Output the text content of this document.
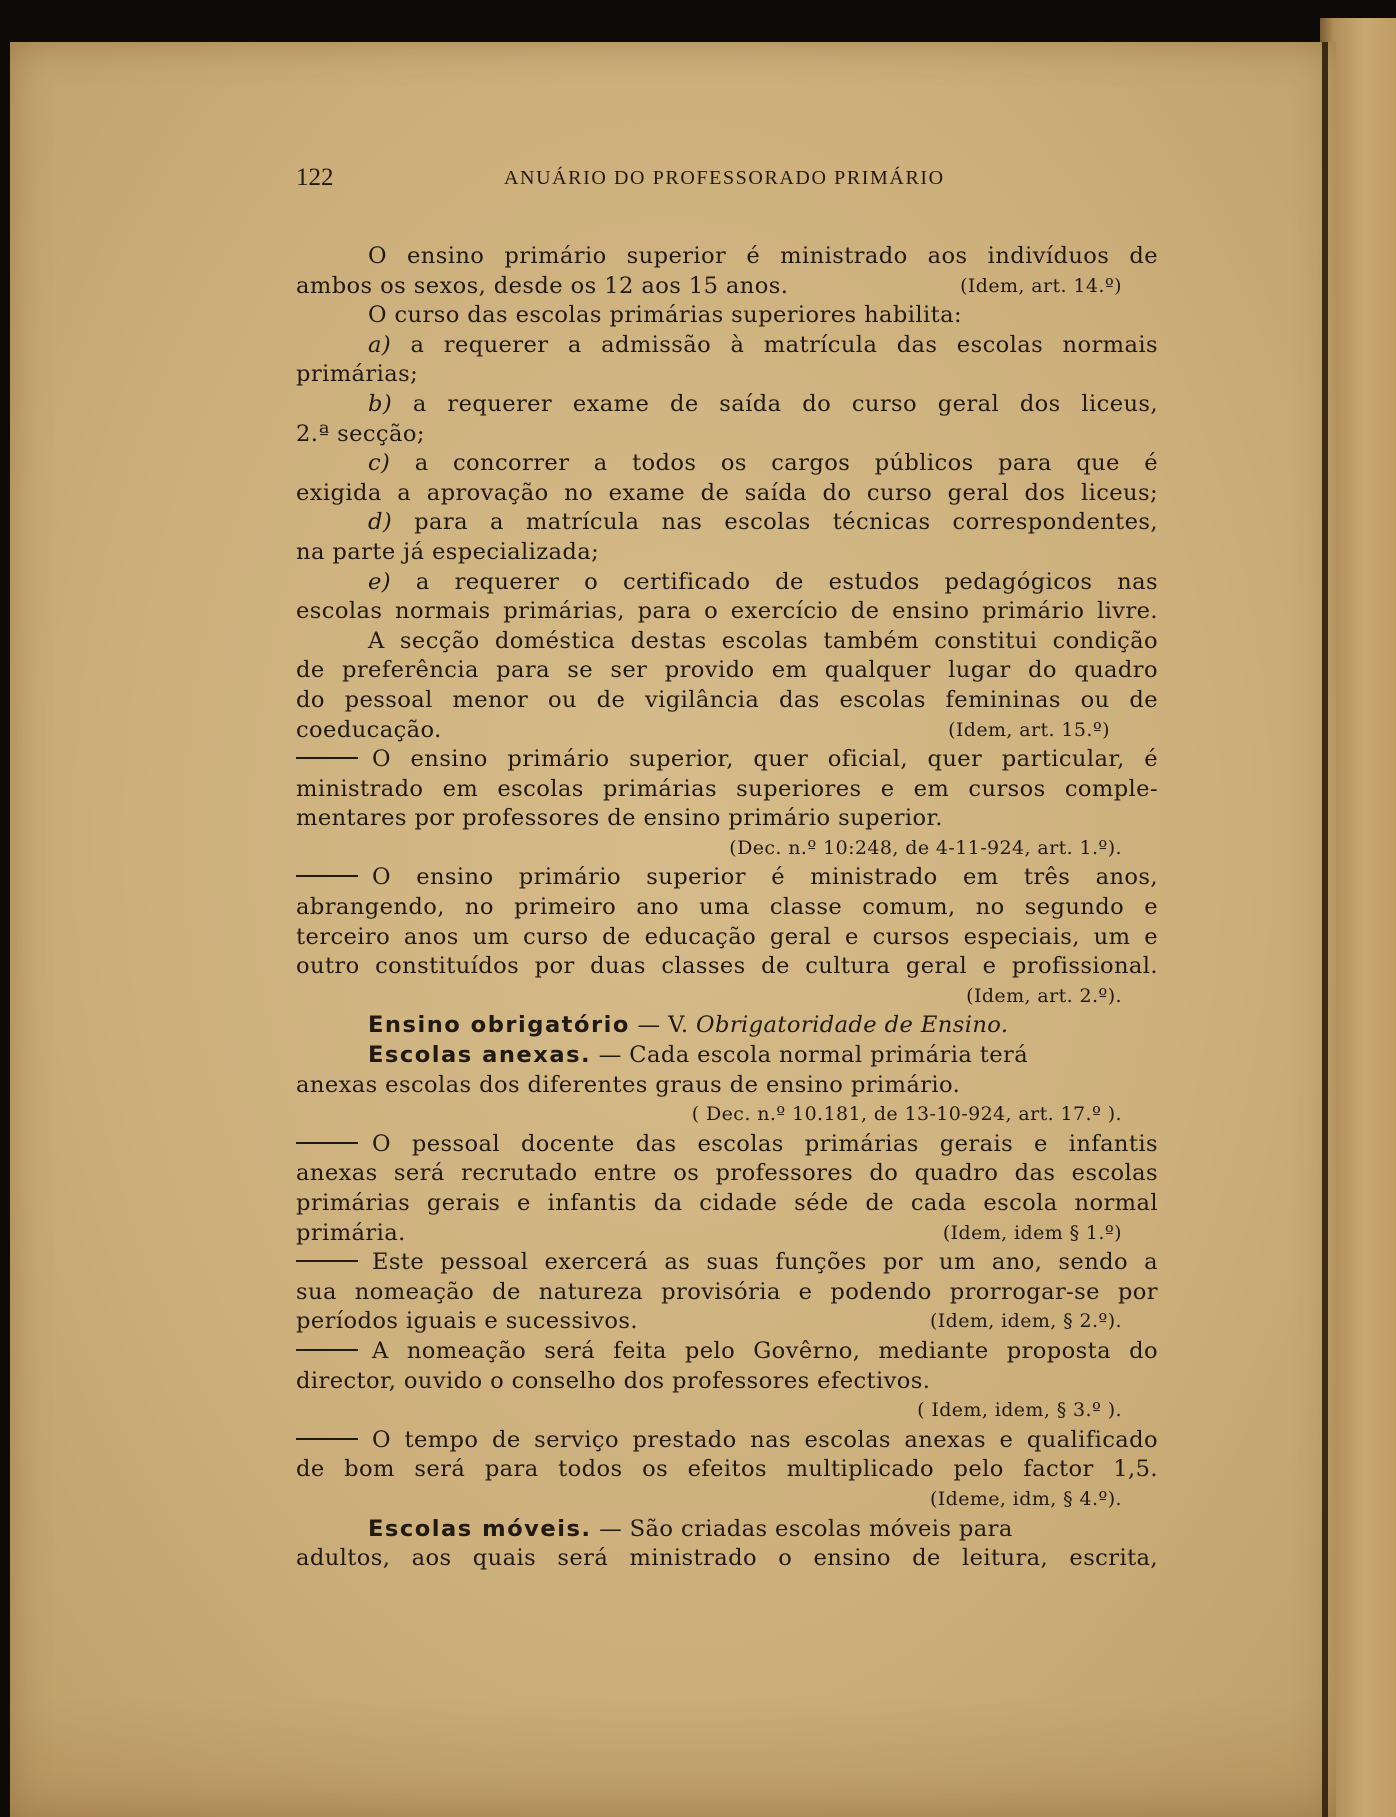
122	ANUÁRIO DO PROFESSORADO PRIMÁRIO
O ensino primário superior é ministrado aos indivíduos de
ambos os sexos, desde os 12 aos 15 anos.	(Idem, art. 14.º)
O curso das escolas primárias superiores habilita:
a) a requerer a admissão à matrícula das escolas normais
primárias;
b) a requerer exame de saída do curso geral dos liceus,
2.ª secção;
c) a concorrer a todos os cargos públicos para que é
exigida a aprovação no exame de saída do curso geral dos liceus;
d) para a matrícula nas escolas técnicas correspondentes,
na parte já especializada;
e) a requerer o certificado de estudos pedagógicos nas
escolas normais primárias, para o exercício de ensino primário livre.
A secção doméstica destas escolas também constitui condição
de preferência para se ser provido em qualquer lugar do quadro
do pessoal menor ou de vigilância das escolas femininas ou de
coeducação.	(Idem, art. 15.º)
O ensino primário superior, quer oficial, quer particular, é
ministrado em escolas primárias superiores e em cursos comple-
mentares por professores de ensino primário superior.
(Dec. n.º 10:248, de 4-11-924, art. 1.º).
O ensino primário superior é ministrado em três anos,
abrangendo, no primeiro ano uma classe comum, no segundo e
terceiro anos um curso de educação geral e cursos especiais, um e
outro constituídos por duas classes de cultura geral e profissional.
(Idem, art. 2.º).
Ensino obrigatório — V. Obrigatoridade de Ensino.
Escolas anexas. — Cada escola normal primária terá
anexas escolas dos diferentes graus de ensino primário.
( Dec. n.º 10.181, de 13-10-924, art. 17.º ).
O pessoal docente das escolas primárias gerais e infantis
anexas será recrutado entre os professores do quadro das escolas
primárias gerais e infantis da cidade séde de cada escola normal
primária.	(Idem, idem § 1.º)
Este pessoal exercerá as suas funções por um ano, sendo a
sua nomeação de natureza provisória e podendo prorrogar-se por
períodos iguais e sucessivos.	(Idem, idem, § 2.º).
A nomeação será feita pelo Govêrno, mediante proposta do
director, ouvido o conselho dos professores efectivos.
( Idem, idem, § 3.º ).
O tempo de serviço prestado nas escolas anexas e qualificado
de bom será para todos os efeitos multiplicado pelo factor 1,5.
(Ideme, idm, § 4.º).
Escolas móveis. — São criadas escolas móveis para
adultos, aos quais será ministrado o ensino de leitura, escrita,
